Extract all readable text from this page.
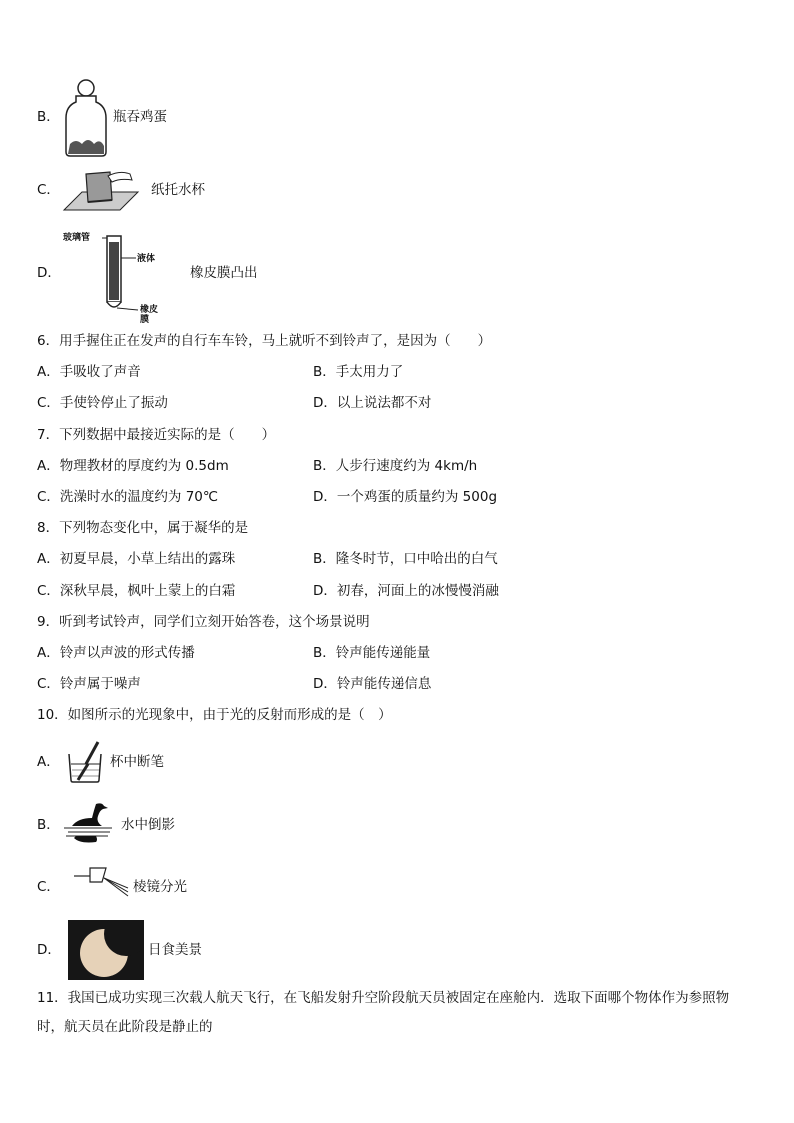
B．	瓶吞鸡蛋
C．	纸托水杯
D．
玻璃管
液体
橡皮膜
橡皮膜凸出
6．用手握住正在发声的自行车车铃，马上就听不到铃声了，是因为（　　）
A．手吸收了声音	B．手太用力了
C．手使铃停止了振动	D．以上说法都不对
7．下列数据中最接近实际的是（　　）
A．物理教材的厚度约为 0.5dm	B．人步行速度约为 4km/h
C．洗澡时水的温度约为 70℃	D．一个鸡蛋的质量约为 500g
8．下列物态变化中，属于凝华的是
A．初夏早晨，小草上结出的露珠	B．隆冬时节，口中哈出的白气
C．深秋早晨，枫叶上蒙上的白霜	D．初春，河面上的冰慢慢消融
9．听到考试铃声，同学们立刻开始答卷，这个场景说明
A．铃声以声波的形式传播	B．铃声能传递能量
C．铃声属于噪声	D．铃声能传递信息
10．如图所示的光现象中，由于光的反射而形成的是（　）
A．	杯中断笔
B．	水中倒影
C．	棱镜分光
D．	日食美景
11．我国已成功实现三次载人航天飞行，在飞船发射升空阶段航天员被固定在座舱内．选取下面哪个物体作为参照物
时，航天员在此阶段是静止的
